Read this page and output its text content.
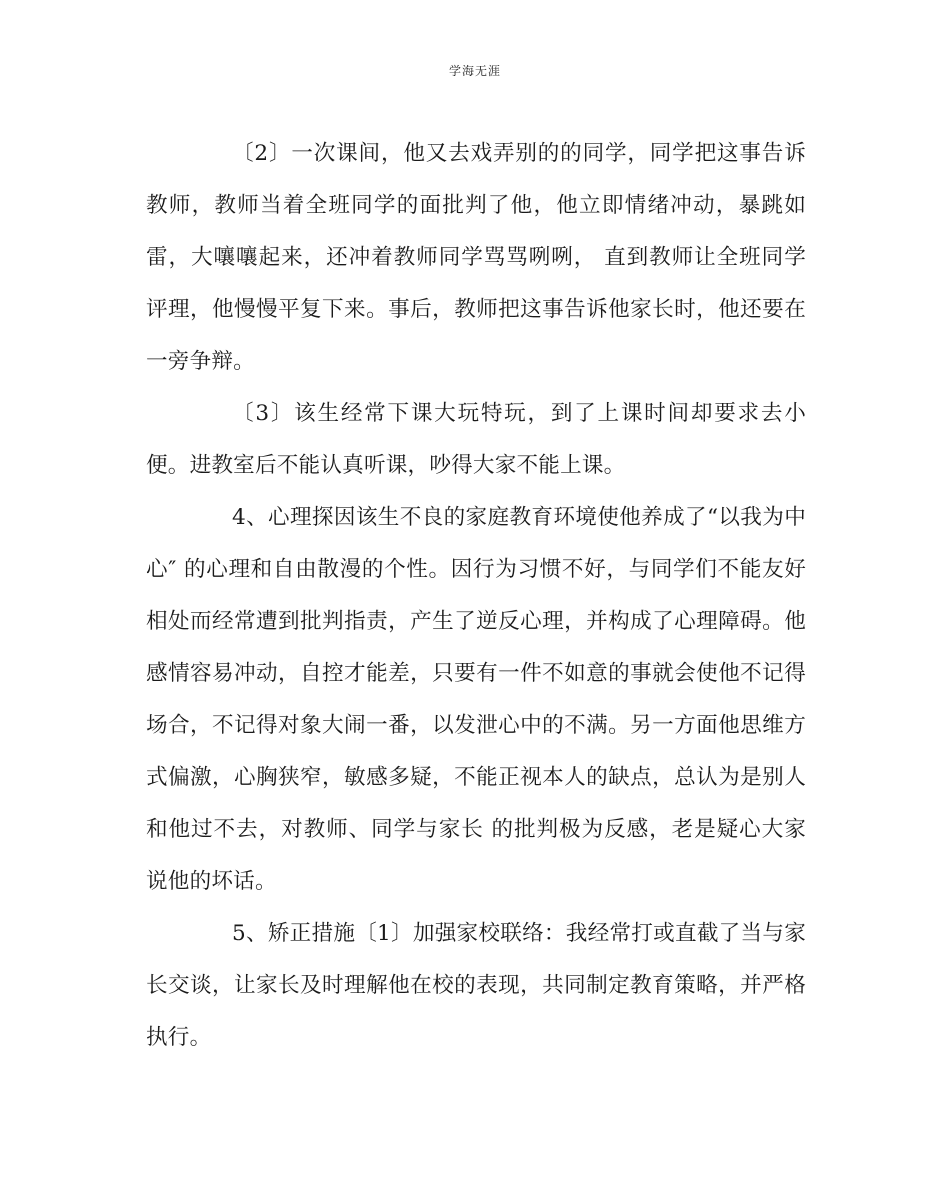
学海无涯

〔2〕一次课间，他又去戏弄别的的同学，同学把这事告诉教师，教师当着全班同学的面批判了他，他立即情绪冲动，暴跳如雷，大嚷嚷起来，还冲着教师同学骂骂咧咧， 直到教师让全班同学评理，他慢慢平复下来。事后，教师把这事告诉他家长时，他还要在一旁争辩。

〔3〕该生经常下课大玩特玩，到了上课时间却要求去小便。进教室后不能认真听课，吵得大家不能上课。

4、心理探因该生不良的家庭教育环境使他养成了“以我为中心″ 的心理和自由散漫的个性。因行为习惯不好，与同学们不能友好相处而经常遭到批判指责，产生了逆反心理，并构成了心理障碍。他感情容易冲动，自控才能差，只要有一件不如意的事就会使他不记得场合，不记得对象大闹一番，以发泄心中的不满。另一方面他思维方式偏激，心胸狭窄，敏感多疑，不能正视本人的缺点，总认为是别人和他过不去，对教师、同学与家长 的批判极为反感，老是疑心大家说他的坏话。

5、矫正措施〔1〕加强家校联络：我经常打或直截了当与家长交谈，让家长及时理解他在校的表现，共同制定教育策略，并严格执行。
